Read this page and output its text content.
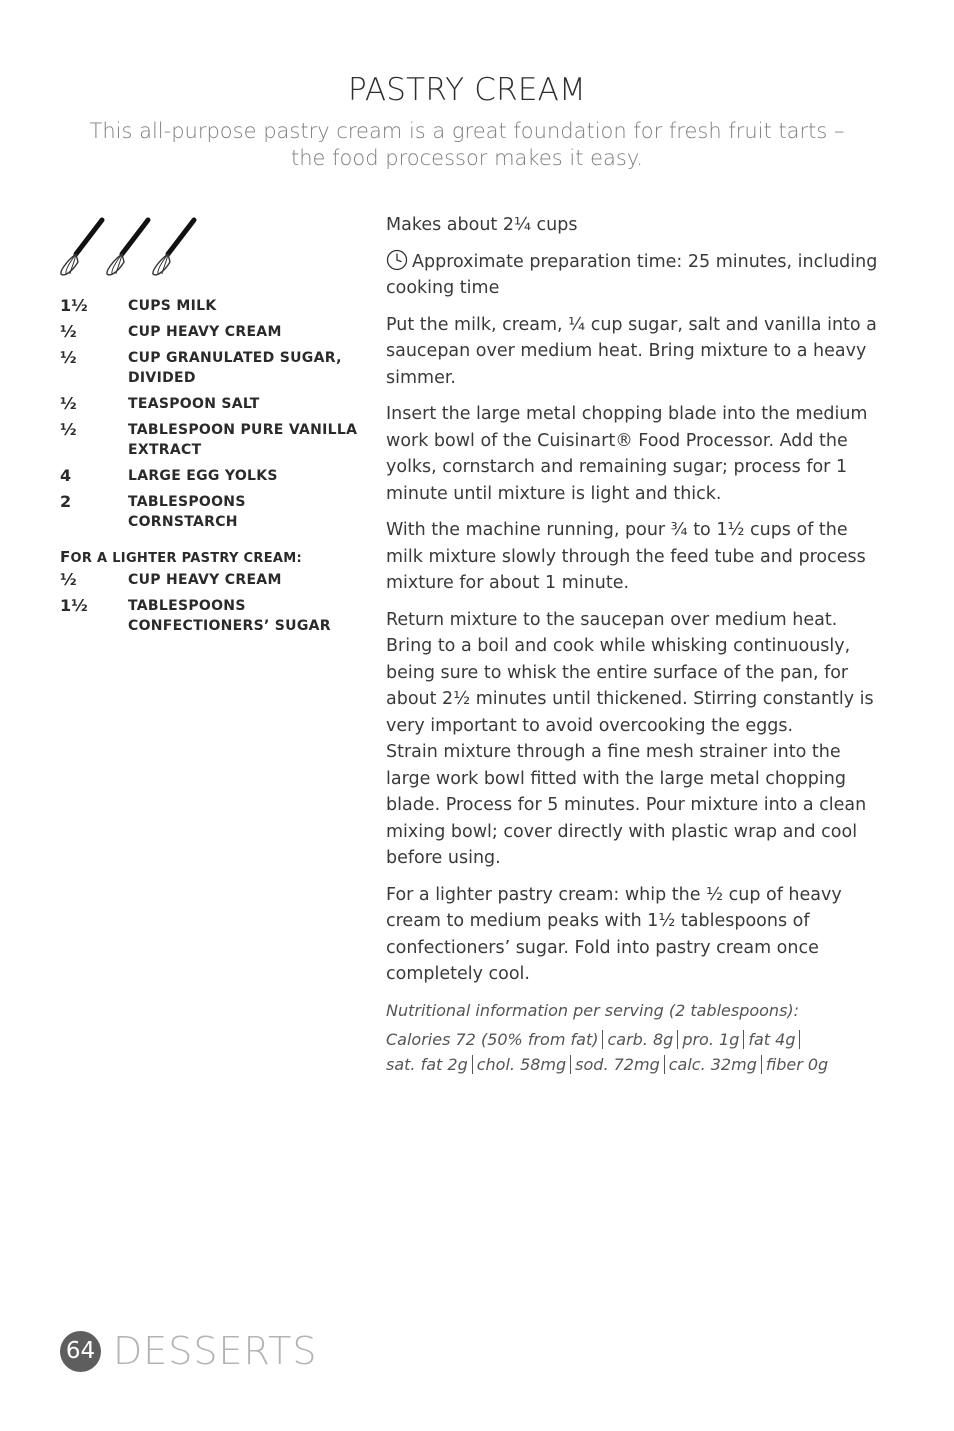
PASTRY CREAM
This all-purpose pastry cream is a great foundation for fresh fruit tarts –
the food processor makes it easy.
1½	CUPS MILK
½	CUP HEAVY CREAM
½	CUP GRANULATED SUGAR, DIVIDED
½	TEASPOON SALT
½	TABLESPOON PURE VANILLA EXTRACT
4	LARGE EGG YOLKS
2	TABLESPOONS CORNSTARCH
FOR A LIGHTER PASTRY CREAM:
½	CUP HEAVY CREAM
1½	TABLESPOONS CONFECTIONERS’ SUGAR

Makes about 2¼ cups

Approximate preparation time: 25 minutes, including cooking time

Put the milk, cream, ¼ cup sugar, salt and vanilla into a saucepan over medium heat. Bring mixture to a heavy simmer.

Insert the large metal chopping blade into the medium work bowl of the Cuisinart® Food Processor. Add the yolks, cornstarch and remaining sugar; process for 1 minute until mixture is light and thick.

With the machine running, pour ¾ to 1½ cups of the milk mixture slowly through the feed tube and process mixture for about 1 minute.

Return mixture to the saucepan over medium heat. Bring to a boil and cook while whisking continuously, being sure to whisk the entire surface of the pan, for about 2½ minutes until thickened. Stirring constantly is very important to avoid overcooking the eggs.

Strain mixture through a fine mesh strainer into the large work bowl fitted with the large metal chopping blade. Process for 5 minutes. Pour mixture into a clean mixing bowl; cover directly with plastic wrap and cool before using.

For a lighter pastry cream: whip the ½ cup of heavy cream to medium peaks with 1½ tablespoons of confectioners’ sugar. Fold into pastry cream once completely cool.

Nutritional information per serving (2 tablespoons):
Calories 72 (50% from fat) carb. 8g pro. 1g fat 4g
sat. fat 2g chol. 58mg sod. 72mg calc. 32mg fiber 0g
64 DESSERTS
